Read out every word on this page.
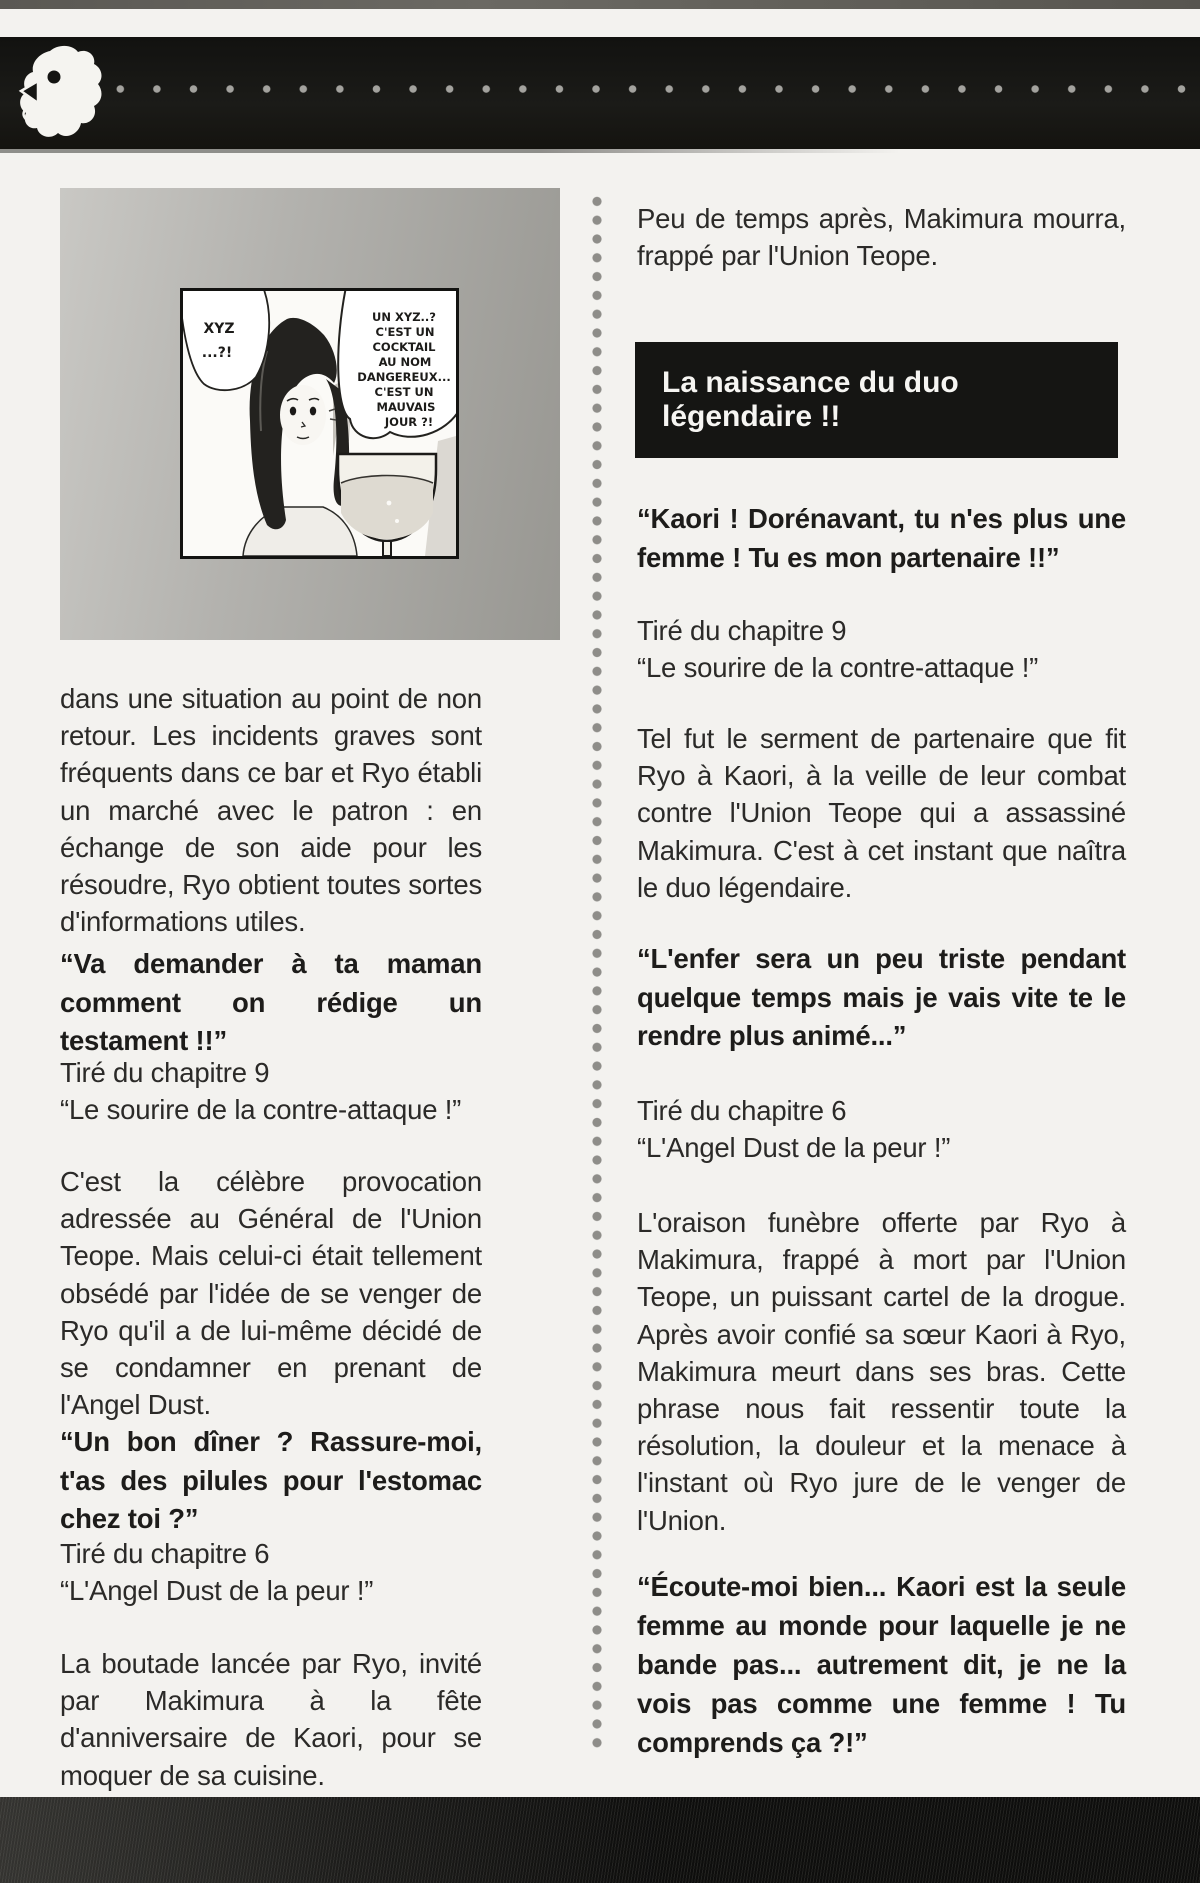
XYZ
...?!
UN XYZ..?
C'EST UN
COCKTAIL
AU NOM
DANGEREUX...
C'EST UN
MAUVAIS
JOUR ?!
dans une situation au point de non retour. Les incidents graves sont fréquents dans ce bar et Ryo établi un marché avec le patron : en échange de son aide pour les résoudre, Ryo obtient toutes sortes d'informations utiles.
“Va demander à ta maman comment on rédige un testament !!”
Tiré du chapitre 9
“Le sourire de la contre-attaque !”
C'est la célèbre provocation adressée au Général de l'Union Teope. Mais celui-ci était tellement obsédé par l'idée de se venger de Ryo qu'il a de lui-même décidé de se condamner en prenant de l'Angel Dust.
“Un bon dîner ? Rassure-moi, t'as des pilules pour l'estomac chez toi ?”
Tiré du chapitre 6
“L'Angel Dust de la peur !”
La boutade lancée par Ryo, invité par Makimura à la fête d'anniversaire de Kaori, pour se moquer de sa cuisine.
Peu de temps après, Makimura mourra, frappé par l'Union Teope.
La naissance du duo légendaire !!
“Kaori ! Dorénavant, tu n'es plus une femme ! Tu es mon partenaire !!”
Tiré du chapitre 9
“Le sourire de la contre-attaque !”
Tel fut le serment de partenaire que fit Ryo à Kaori, à la veille de leur combat contre l'Union Teope qui a assassiné Makimura. C'est à cet instant que naîtra le duo légendaire.
“L'enfer sera un peu triste pendant quelque temps mais je vais vite te le rendre plus animé...”
Tiré du chapitre 6
“L'Angel Dust de la peur !”
L'oraison funèbre offerte par Ryo à Makimura, frappé à mort par l'Union Teope, un puissant cartel de la drogue. Après avoir confié sa sœur Kaori à Ryo, Makimura meurt dans ses bras. Cette phrase nous fait ressentir toute la résolution, la douleur et la menace à l'instant où Ryo jure de le venger de l'Union.
“Écoute-moi bien... Kaori est la seule femme au monde pour laquelle je ne bande pas... autrement dit, je ne la vois pas comme une femme ! Tu comprends ça ?!”
